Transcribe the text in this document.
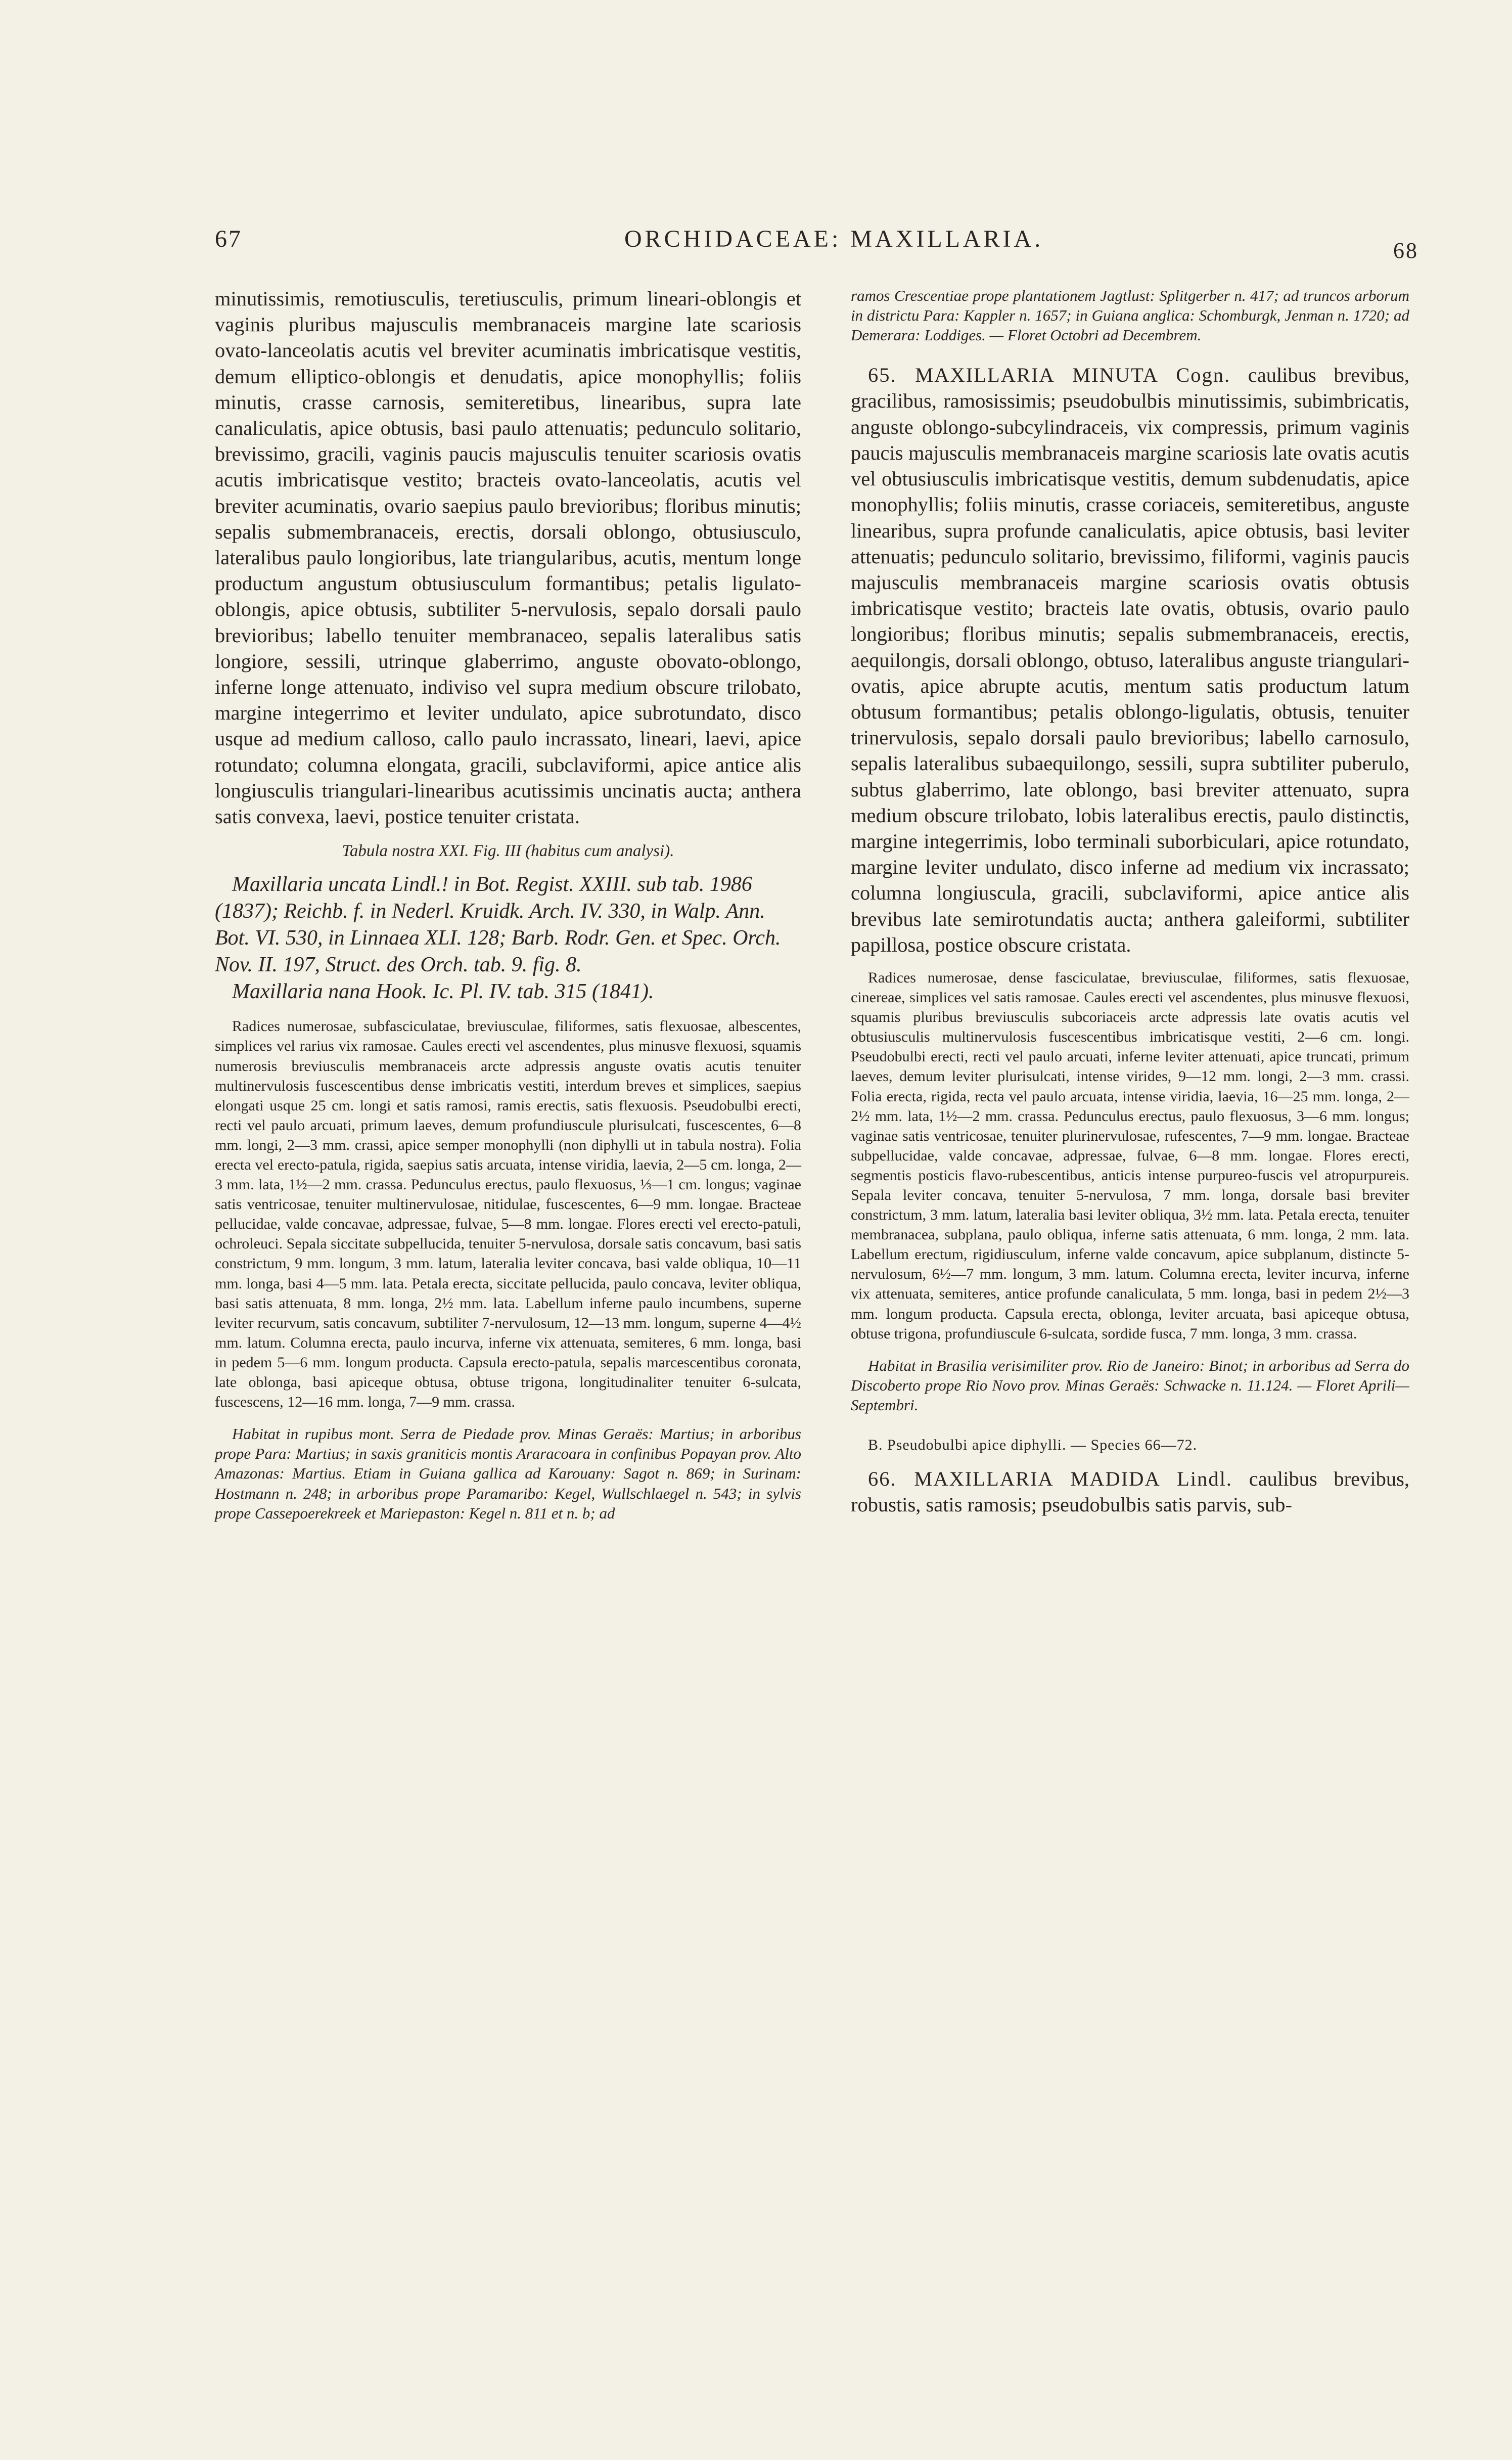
67	ORCHIDACEAE: MAXILLARIA.	68

minutissimis, remotiusculis, teretiusculis, primum lineari-oblongis et vaginis pluribus majusculis membranaceis margine late scariosis ovato-lanceolatis acutis vel breviter acuminatis imbricatisque vestitis, demum elliptico-oblongis et denudatis, apice monophyllis; foliis minutis, crasse carnosis, semiteretibus, linearibus, supra late canaliculatis, apice obtusis, basi paulo attenuatis; pedunculo solitario, brevissimo, gracili, vaginis paucis majusculis tenuiter scariosis ovatis acutis imbricatisque vestito; bracteis ovato-lanceolatis, acutis vel breviter acuminatis, ovario saepius paulo brevioribus; floribus minutis; sepalis submembranaceis, erectis, dorsali oblongo, obtusiusculo, lateralibus paulo longioribus, late triangularibus, acutis, mentum longe productum angustum obtusiusculum formantibus; petalis ligulato-oblongis, apice obtusis, subtiliter 5-nervulosis, sepalo dorsali paulo brevioribus; labello tenuiter membranaceo, sepalis lateralibus satis longiore, sessili, utrinque glaberrimo, anguste obovato-oblongo, inferne longe attenuato, indiviso vel supra medium obscure trilobato, margine integerrimo et leviter undulato, apice subrotundato, disco usque ad medium calloso, callo paulo incrassato, lineari, laevi, apice rotundato; columna elongata, gracili, subclaviformi, apice antice alis longiusculis triangulari-linearibus acutissimis uncinatis aucta; anthera satis convexa, laevi, postice tenuiter cristata.

Tabula nostra XXI. Fig. III (habitus cum analysi).

Maxillaria uncata Lindl.! in Bot. Regist. XXIII. sub tab. 1986 (1837); Reichb. f. in Nederl. Kruidk. Arch. IV. 330, in Walp. Ann. Bot. VI. 530, in Linnaea XLI. 128; Barb. Rodr. Gen. et Spec. Orch. Nov. II. 197, Struct. des Orch. tab. 9. fig. 8.

Maxillaria nana Hook. Ic. Pl. IV. tab. 315 (1841).

Radices numerosae, subfasciculatae, breviusculae, filiformes, satis flexuosae, albescentes, simplices vel rarius vix ramosae. Caules erecti vel ascendentes, plus minusve flexuosi, squamis numerosis breviusculis membranaceis arcte adpressis anguste ovatis acutis tenuiter multinervulosis fuscescentibus dense imbricatis vestiti, interdum breves et simplices, saepius elongati usque 25 cm. longi et satis ramosi, ramis erectis, satis flexuosis. Pseudobulbi erecti, recti vel paulo arcuati, primum laeves, demum profundiuscule plurisulcati, fuscescentes, 6—8 mm. longi, 2—3 mm. crassi, apice semper monophylli (non diphylli ut in tabula nostra). Folia erecta vel erecto-patula, rigida, saepius satis arcuata, intense viridia, laevia, 2—5 cm. longa, 2—3 mm. lata, 1½—2 mm. crassa. Pedunculus erectus, paulo flexuosus, ⅓—1 cm. longus; vaginae satis ventricosae, tenuiter multinervulosae, nitidulae, fuscescentes, 6—9 mm. longae. Bracteae pellucidae, valde concavae, adpressae, fulvae, 5—8 mm. longae. Flores erecti vel erecto-patuli, ochroleuci. Sepala siccitate subpellucida, tenuiter 5-nervulosa, dorsale satis concavum, basi satis constrictum, 9 mm. longum, 3 mm. latum, lateralia leviter concava, basi valde obliqua, 10—11 mm. longa, basi 4—5 mm. lata. Petala erecta, siccitate pellucida, paulo concava, leviter obliqua, basi satis attenuata, 8 mm. longa, 2½ mm. lata. Labellum inferne paulo incumbens, superne leviter recurvum, satis concavum, subtiliter 7-nervulosum, 12—13 mm. longum, superne 4—4½ mm. latum. Columna erecta, paulo incurva, inferne vix attenuata, semiteres, 6 mm. longa, basi in pedem 5—6 mm. longum producta. Capsula erecto-patula, sepalis marcescentibus coronata, late oblonga, basi apiceque obtusa, obtuse trigona, longitudinaliter tenuiter 6-sulcata, fuscescens, 12—16 mm. longa, 7—9 mm. crassa.

Habitat in rupibus mont. Serra de Piedade prov. Minas Geraës: Martius; in arboribus prope Para: Martius; in saxis graniticis montis Araracoara in confinibus Popayan prov. Alto Amazonas: Martius. Etiam in Guiana gallica ad Karouany: Sagot n. 869; in Surinam: Hostmann n. 248; in arboribus prope Paramaribo: Kegel, Wullschlaegel n. 543; in sylvis prope Cassepoerekreek et Mariepaston: Kegel n. 811 et n. b; ad

ramos Crescentiae prope plantationem Jagtlust: Splitgerber n. 417; ad truncos arborum in districtu Para: Kappler n. 1657; in Guiana anglica: Schomburgk, Jenman n. 1720; ad Demerara: Loddiges. — Floret Octobri ad Decembrem.

65. MAXILLARIA MINUTA Cogn. caulibus brevibus, gracilibus, ramosissimis; pseudobulbis minutissimis, subimbricatis, anguste oblongo-subcylindraceis, vix compressis, primum vaginis paucis majusculis membranaceis margine scariosis late ovatis acutis vel obtusiusculis imbricatisque vestitis, demum subdenudatis, apice monophyllis; foliis minutis, crasse coriaceis, semiteretibus, anguste linearibus, supra profunde canaliculatis, apice obtusis, basi leviter attenuatis; pedunculo solitario, brevissimo, filiformi, vaginis paucis majusculis membranaceis margine scariosis ovatis obtusis imbricatisque vestito; bracteis late ovatis, obtusis, ovario paulo longioribus; floribus minutis; sepalis submembranaceis, erectis, aequilongis, dorsali oblongo, obtuso, lateralibus anguste triangulari-ovatis, apice abrupte acutis, mentum satis productum latum obtusum formantibus; petalis oblongo-ligulatis, obtusis, tenuiter trinervulosis, sepalo dorsali paulo brevioribus; labello carnosulo, sepalis lateralibus subaequilongo, sessili, supra subtiliter puberulo, subtus glaberrimo, late oblongo, basi breviter attenuato, supra medium obscure trilobato, lobis lateralibus erectis, paulo distinctis, margine integerrimis, lobo terminali suborbiculari, apice rotundato, margine leviter undulato, disco inferne ad medium vix incrassato; columna longiuscula, gracili, subclaviformi, apice antice alis brevibus late semirotundatis aucta; anthera galeiformi, subtiliter papillosa, postice obscure cristata.

Radices numerosae, dense fasciculatae, breviusculae, filiformes, satis flexuosae, cinereae, simplices vel satis ramosae. Caules erecti vel ascendentes, plus minusve flexuosi, squamis pluribus breviusculis subcoriaceis arcte adpressis late ovatis acutis vel obtusiusculis multinervulosis fuscescentibus imbricatisque vestiti, 2—6 cm. longi. Pseudobulbi erecti, recti vel paulo arcuati, inferne leviter attenuati, apice truncati, primum laeves, demum leviter plurisulcati, intense virides, 9—12 mm. longi, 2—3 mm. crassi. Folia erecta, rigida, recta vel paulo arcuata, intense viridia, laevia, 16—25 mm. longa, 2—2½ mm. lata, 1½—2 mm. crassa. Pedunculus erectus, paulo flexuosus, 3—6 mm. longus; vaginae satis ventricosae, tenuiter plurinervulosae, rufescentes, 7—9 mm. longae. Bracteae subpellucidae, valde concavae, adpressae, fulvae, 6—8 mm. longae. Flores erecti, segmentis posticis flavo-rubescentibus, anticis intense purpureo-fuscis vel atropurpureis. Sepala leviter concava, tenuiter 5-nervulosa, 7 mm. longa, dorsale basi breviter constrictum, 3 mm. latum, lateralia basi leviter obliqua, 3½ mm. lata. Petala erecta, tenuiter membranacea, subplana, paulo obliqua, inferne satis attenuata, 6 mm. longa, 2 mm. lata. Labellum erectum, rigidiusculum, inferne valde concavum, apice subplanum, distincte 5-nervulosum, 6½—7 mm. longum, 3 mm. latum. Columna erecta, leviter incurva, inferne vix attenuata, semiteres, antice profunde canaliculata, 5 mm. longa, basi in pedem 2½—3 mm. longum producta. Capsula erecta, oblonga, leviter arcuata, basi apiceque obtusa, obtuse trigona, profundiuscule 6-sulcata, sordide fusca, 7 mm. longa, 3 mm. crassa.

Habitat in Brasilia verisimiliter prov. Rio de Janeiro: Binot; in arboribus ad Serra do Discoberto prope Rio Novo prov. Minas Geraës: Schwacke n. 11.124. — Floret Aprili—Septembri.

B. Pseudobulbi apice diphylli. — Species 66—72.

66. MAXILLARIA MADIDA Lindl. caulibus brevibus, robustis, satis ramosis; pseudobulbis satis parvis, sub-
